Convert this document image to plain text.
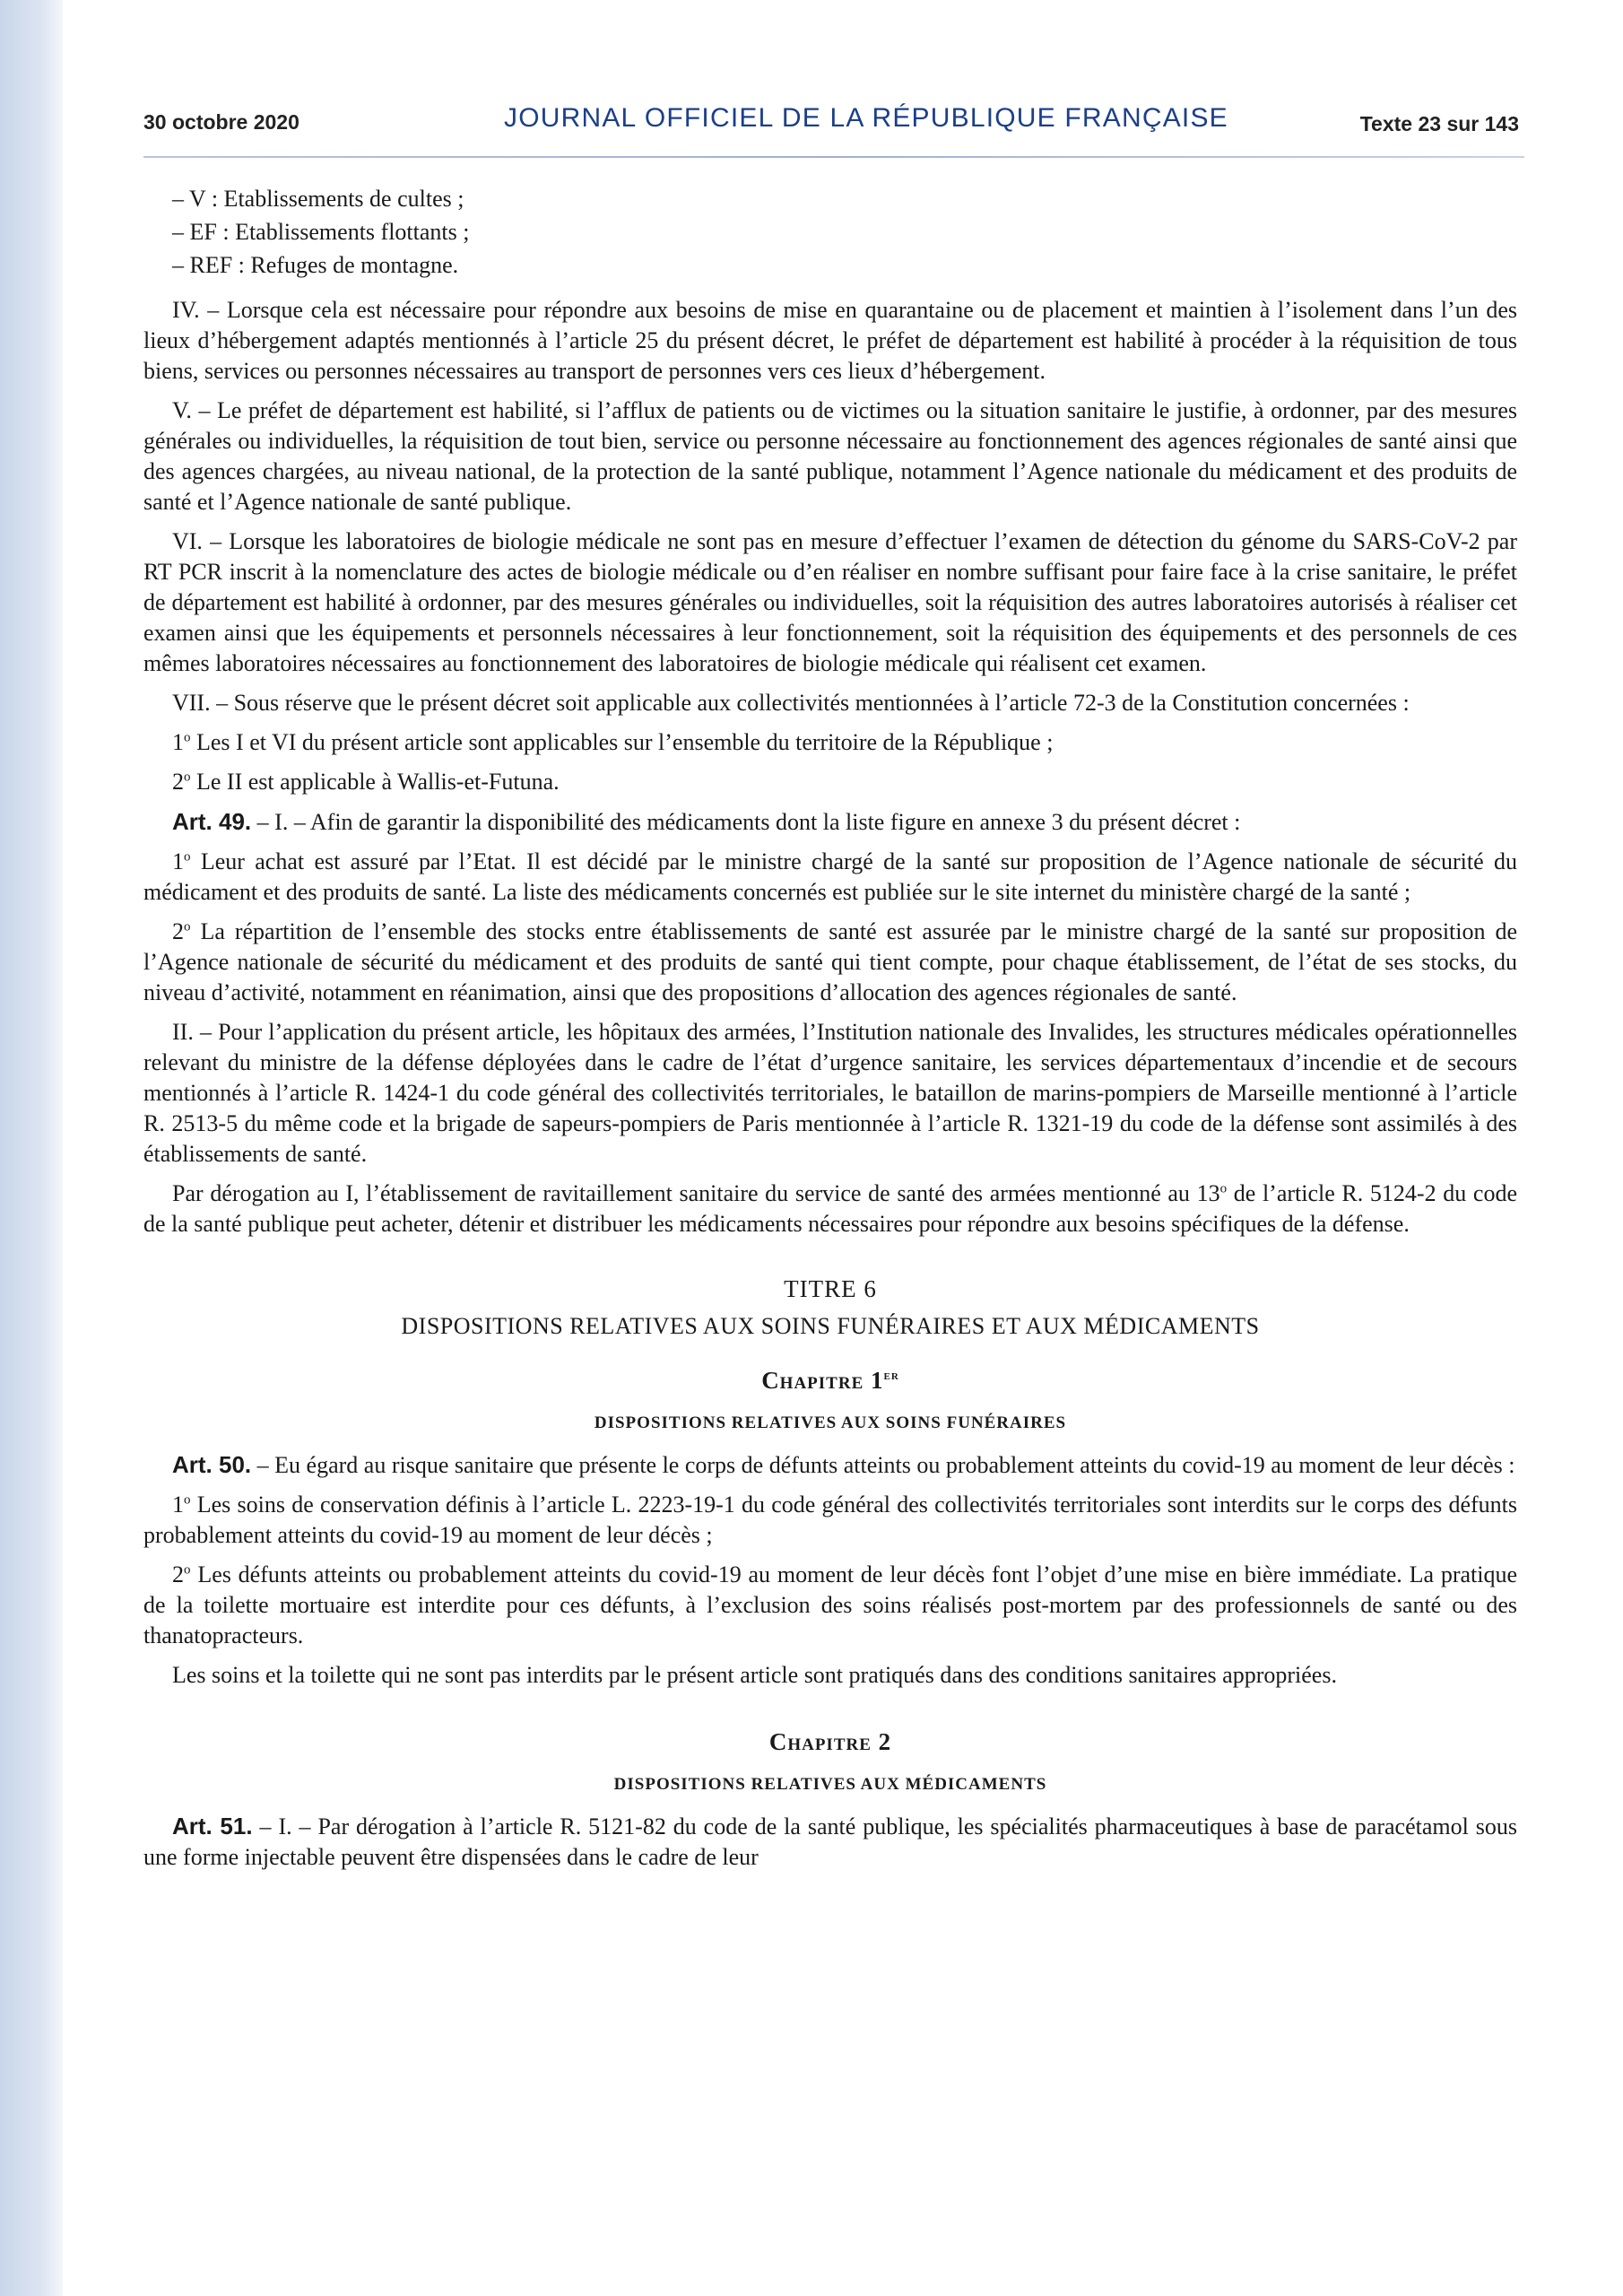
30 octobre 2020	JOURNAL OFFICIEL DE LA RÉPUBLIQUE FRANÇAISE	Texte 23 sur 143

– V : Etablissements de cultes ;

– EF : Etablissements flottants ;

– REF : Refuges de montagne.

IV. – Lorsque cela est nécessaire pour répondre aux besoins de mise en quarantaine ou de placement et maintien à l’isolement dans l’un des lieux d’hébergement adaptés mentionnés à l’article 25 du présent décret, le préfet de département est habilité à procéder à la réquisition de tous biens, services ou personnes nécessaires au transport de personnes vers ces lieux d’hébergement.

V. – Le préfet de département est habilité, si l’afflux de patients ou de victimes ou la situation sanitaire le justifie, à ordonner, par des mesures générales ou individuelles, la réquisition de tout bien, service ou personne nécessaire au fonctionnement des agences régionales de santé ainsi que des agences chargées, au niveau national, de la protection de la santé publique, notamment l’Agence nationale du médicament et des produits de santé et l’Agence nationale de santé publique.

VI. – Lorsque les laboratoires de biologie médicale ne sont pas en mesure d’effectuer l’examen de détection du génome du SARS-CoV-2 par RT PCR inscrit à la nomenclature des actes de biologie médicale ou d’en réaliser en nombre suffisant pour faire face à la crise sanitaire, le préfet de département est habilité à ordonner, par des mesures générales ou individuelles, soit la réquisition des autres laboratoires autorisés à réaliser cet examen ainsi que les équipements et personnels nécessaires à leur fonctionnement, soit la réquisition des équipements et des personnels de ces mêmes laboratoires nécessaires au fonctionnement des laboratoires de biologie médicale qui réalisent cet examen.

VII. – Sous réserve que le présent décret soit applicable aux collectivités mentionnées à l’article 72-3 de la Constitution concernées :

1$^o$ Les I et VI du présent article sont applicables sur l’ensemble du territoire de la République ;

2$^o$ Le II est applicable à Wallis-et-Futuna.

Art. 49. – I. – Afin de garantir la disponibilité des médicaments dont la liste figure en annexe 3 du présent décret :

1$^o$ Leur achat est assuré par l’Etat. Il est décidé par le ministre chargé de la santé sur proposition de l’Agence nationale de sécurité du médicament et des produits de santé. La liste des médicaments concernés est publiée sur le site internet du ministère chargé de la santé ;

2$^o$ La répartition de l’ensemble des stocks entre établissements de santé est assurée par le ministre chargé de la santé sur proposition de l’Agence nationale de sécurité du médicament et des produits de santé qui tient compte, pour chaque établissement, de l’état de ses stocks, du niveau d’activité, notamment en réanimation, ainsi que des propositions d’allocation des agences régionales de santé.

II. – Pour l’application du présent article, les hôpitaux des armées, l’Institution nationale des Invalides, les structures médicales opérationnelles relevant du ministre de la défense déployées dans le cadre de l’état d’urgence sanitaire, les services départementaux d’incendie et de secours mentionnés à l’article R. 1424-1 du code général des collectivités territoriales, le bataillon de marins-pompiers de Marseille mentionné à l’article R. 2513-5 du même code et la brigade de sapeurs-pompiers de Paris mentionnée à l’article R. 1321-19 du code de la défense sont assimilés à des établissements de santé.

Par dérogation au I, l’établissement de ravitaillement sanitaire du service de santé des armées mentionné au 13$^o$ de l’article R. 5124-2 du code de la santé publique peut acheter, détenir et distribuer les médicaments nécessaires pour répondre aux besoins spécifiques de la défense.

TITRE 6
DISPOSITIONS RELATIVES AUX SOINS FUNÉRAIRES ET AUX MÉDICAMENTS
Chapitre 1er
DISPOSITIONS RELATIVES AUX SOINS FUNÉRAIRES

Art. 50. – Eu égard au risque sanitaire que présente le corps de défunts atteints ou probablement atteints du covid-19 au moment de leur décès :

1$^o$ Les soins de conservation définis à l’article L. 2223-19-1 du code général des collectivités territoriales sont interdits sur le corps des défunts probablement atteints du covid-19 au moment de leur décès ;

2$^o$ Les défunts atteints ou probablement atteints du covid-19 au moment de leur décès font l’objet d’une mise en bière immédiate. La pratique de la toilette mortuaire est interdite pour ces défunts, à l’exclusion des soins réalisés post-mortem par des professionnels de santé ou des thanatopracteurs.

Les soins et la toilette qui ne sont pas interdits par le présent article sont pratiqués dans des conditions sanitaires appropriées.

Chapitre 2
DISPOSITIONS RELATIVES AUX MÉDICAMENTS

Art. 51. – I. – Par dérogation à l’article R. 5121-82 du code de la santé publique, les spécialités pharmaceutiques à base de paracétamol sous une forme injectable peuvent être dispensées dans le cadre de leur
